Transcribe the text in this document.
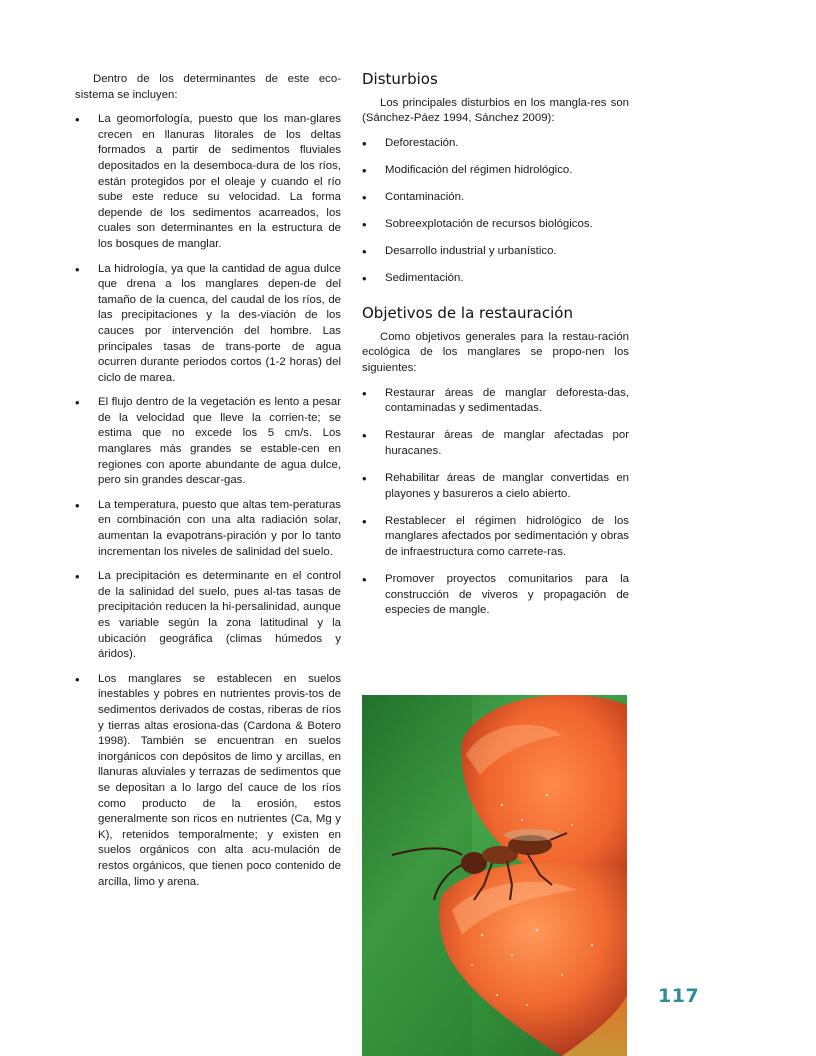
Dentro de los determinantes de este eco-sistema se incluyen:

• La geomorfología, puesto que los man-glares crecen en llanuras litorales de los deltas formados a partir de sedimentos fluviales depositados en la desemboca-dura de los ríos, están protegidos por el oleaje y cuando el río sube este reduce su velocidad. La forma depende de los sedimentos acarreados, los cuales son determinantes en la estructura de los bosques de manglar.
• La hidrología, ya que la cantidad de agua dulce que drena a los manglares depen-de del tamaño de la cuenca, del caudal de los ríos, de las precipitaciones y la des-viación de los cauces por intervención del hombre. Las principales tasas de trans-porte de agua ocurren durante periodos cortos (1-2 horas) del ciclo de marea.
• El flujo dentro de la vegetación es lento a pesar de la velocidad que lleve la corrien-te; se estima que no excede los 5 cm/s. Los manglares más grandes se estable-cen en regiones con aporte abundante de agua dulce, pero sin grandes descar-gas.
• La temperatura, puesto que altas tem-peraturas en combinación con una alta radiación solar, aumentan la evapotrans-piración y por lo tanto incrementan los niveles de salinidad del suelo.
• La precipitación es determinante en el control de la salinidad del suelo, pues al-tas tasas de precipitación reducen la hi-persalinidad, aunque es variable según la zona latitudinal y la ubicación geográfica (climas húmedos y áridos).
• Los manglares se establecen en suelos inestables y pobres en nutrientes provis-tos de sedimentos derivados de costas, riberas de ríos y tierras altas erosiona-das (Cardona & Botero 1998). También se encuentran en suelos inorgánicos con depósitos de limo y arcillas, en llanuras aluviales y terrazas de sedimentos que se depositan a lo largo del cauce de los ríos como producto de la erosión, estos generalmente son ricos en nutrientes (Ca, Mg y K), retenidos temporalmente; y existen en suelos orgánicos con alta acu-mulación de restos orgánicos, que tienen poco contenido de arcilla, limo y arena.
Disturbios

Los principales disturbios en los mangla-res son (Sánchez-Páez 1994, Sánchez 2009):

• Deforestación.
• Modificación del régimen hidrológico.
• Contaminación.
• Sobreexplotación de recursos biológicos.
• Desarrollo industrial y urbanístico.
• Sedimentación.
Objetivos de la restauración

Como objetivos generales para la restau-ración ecológica de los manglares se propo-nen los siguientes:

• Restaurar áreas de manglar deforesta-das, contaminadas y sedimentadas.
• Restaurar áreas de manglar afectadas por huracanes.
• Rehabilitar áreas de manglar convertidas en playones y basureros a cielo abierto.
• Restablecer el régimen hidrológico de los manglares afectados por sedimentación y obras de infraestructura como carrete-ras.
• Promover proyectos comunitarios para la construcción de viveros y propagación de especies de mangle.
117
